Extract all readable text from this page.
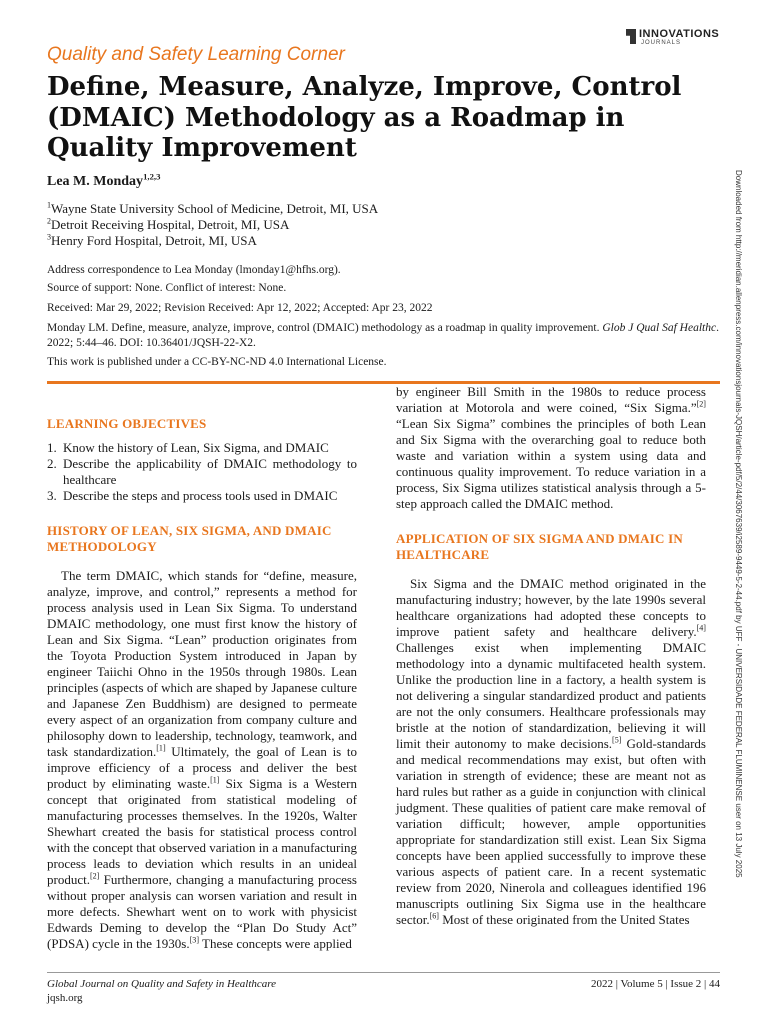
Quality and Safety Learning Corner
INNOVATIONS
JOURNALS
Define, Measure, Analyze, Improve, Control (DMAIC) Methodology as a Roadmap in Quality Improvement
Lea M. Monday$^{1,2,3}$
$^1$Wayne State University School of Medicine, Detroit, MI, USA
$^2$Detroit Receiving Hospital, Detroit, MI, USA
$^3$Henry Ford Hospital, Detroit, MI, USA
Address correspondence to Lea Monday (lmonday1@hfhs.org).
Source of support: None. Conflict of interest: None.
Received: Mar 29, 2022; Revision Received: Apr 12, 2022; Accepted: Apr 23, 2022
Monday LM. Define, measure, analyze, improve, control (DMAIC) methodology as a roadmap in quality improvement. Glob J Qual Saf Healthc. 2022; 5:44–46. DOI: 10.36401/JQSH-22-X2.
This work is published under a CC-BY-NC-ND 4.0 International License.
LEARNING OBJECTIVES
1. Know the history of Lean, Six Sigma, and DMAIC
2. Describe the applicability of DMAIC methodology to healthcare
3. Describe the steps and process tools used in DMAIC
HISTORY OF LEAN, SIX SIGMA, AND DMAIC METHODOLOGY

The term DMAIC, which stands for “define, measure, analyze, improve, and control,” represents a method for process analysis used in Lean Six Sigma. To understand DMAIC methodology, one must first know the history of Lean and Six Sigma. “Lean” production originates from the Toyota Production System introduced in Japan by engineer Taiichi Ohno in the 1950s through 1980s. Lean principles (aspects of which are shaped by Japanese culture and Japanese Zen Buddhism) are designed to permeate every aspect of an organization from company culture and philosophy down to leadership, technology, teamwork, and task standardization.[1] Ultimately, the goal of Lean is to improve efficiency of a process and deliver the best product by eliminating waste.[1] Six Sigma is a Western concept that originated from statistical modeling of manufacturing processes themselves. In the 1920s, Walter Shewhart created the basis for statistical process control with the concept that observed variation in a manufacturing process leads to deviation which results in an unideal product.[2] Furthermore, changing a manufacturing process without proper analysis can worsen variation and result in more defects. Shewhart went on to work with physicist Edwards Deming to develop the “Plan Do Study Act” (PDSA) cycle in the 1930s.[3] These concepts were applied

by engineer Bill Smith in the 1980s to reduce process variation at Motorola and were coined, “Six Sigma.”[2] “Lean Six Sigma” combines the principles of both Lean and Six Sigma with the overarching goal to reduce both waste and variation within a system using data and continuous quality improvement. To reduce variation in a process, Six Sigma utilizes statistical analysis through a 5-step approach called the DMAIC method.

APPLICATION OF SIX SIGMA AND DMAIC IN HEALTHCARE

Six Sigma and the DMAIC method originated in the manufacturing industry; however, by the late 1990s several healthcare organizations had adopted these concepts to improve patient safety and healthcare delivery.[4] Challenges exist when implementing DMAIC methodology into a dynamic multifaceted health system. Unlike the production line in a factory, a health system is not delivering a singular standardized product and patients are not the only consumers. Healthcare professionals may bristle at the notion of standardization, believing it will limit their autonomy to make decisions.[5] Gold-standards and medical recommendations may exist, but often with variation in strength of evidence; these are meant not as hard rules but rather as a guide in conjunction with clinical judgment. These qualities of patient care make removal of variation difficult; however, ample opportunities appropriate for standardization still exist. Lean Six Sigma concepts have been applied successfully to improve these various aspects of patient care. In a recent systematic review from 2020, Ninerola and colleagues identified 196 manuscripts outlining Six Sigma use in the healthcare sector.[6] Most of these originated from the United States

Global Journal on Quality and Safety in Healthcare
jqsh.org
2022 | Volume 5 | Issue 2 | 44
Downloaded from http://meridian.allenpress.com/innovationsjournals-JQSH/article-pdf/5/2/44/3067639/i2589-9449-5-2-44.pdf by UFF - UNIVERSIDADE FEDERAL FLUMINENSE user on 13 July 2025
